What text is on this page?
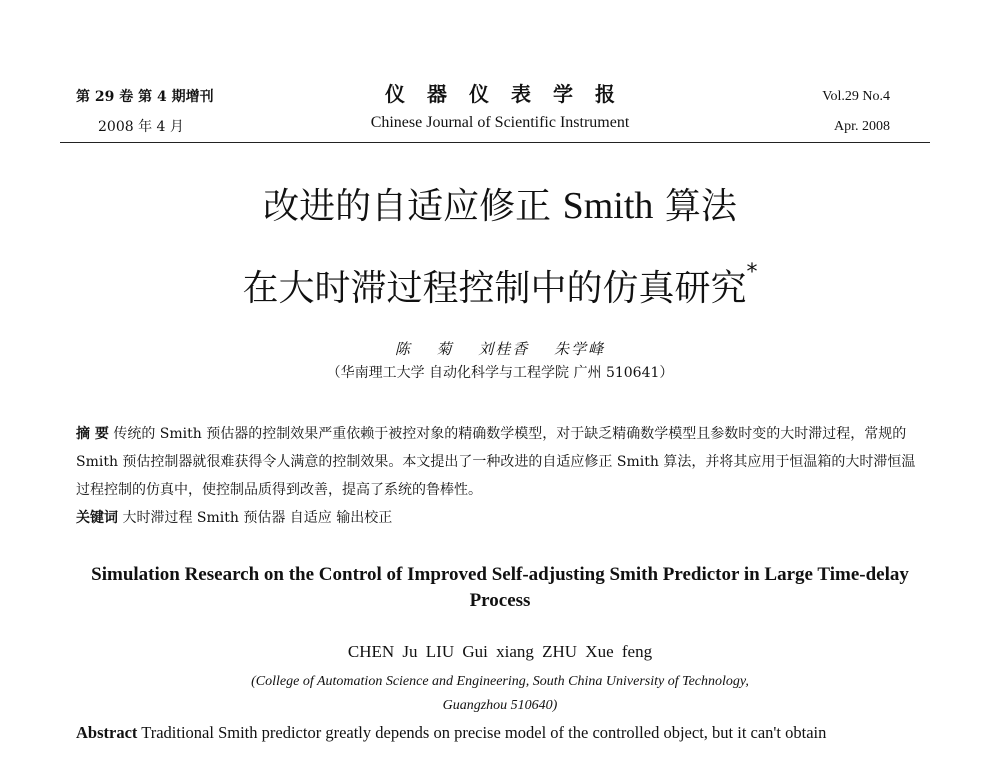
第 29 卷 第 4 期增刊
2008 年 4 月
仪器仪表学报
Chinese Journal of Scientific Instrument
Vol.29 No.4
Apr. 2008
改进的自适应修正 Smith 算法
在大时滞过程控制中的仿真研究*
陈 菊 刘桂香 朱学峰
（华南理工大学 自动化科学与工程学院 广州 510641）
摘 要 传统的 Smith 预估器的控制效果严重依赖于被控对象的精确数学模型，对于缺乏精确数学模型且参数时变的大时滞过程，常规的 Smith 预估控制器就很难获得令人满意的控制效果。本文提出了一种改进的自适应修正 Smith 算法，并将其应用于恒温箱的大时滞恒温过程控制的仿真中，使控制品质得到改善，提高了系统的鲁棒性。
关键词 大时滞过程 Smith 预估器 自适应 输出校正
Simulation Research on the Control of Improved Self-adjusting Smith Predictor in Large Time-delay Process
CHEN Ju LIU Gui xiang ZHU Xue feng
(College of Automation Science and Engineering, South China University of Technology,
Guangzhou 510640)
Abstract Traditional Smith predictor greatly depends on precise model of the controlled object, but it can't obtain
